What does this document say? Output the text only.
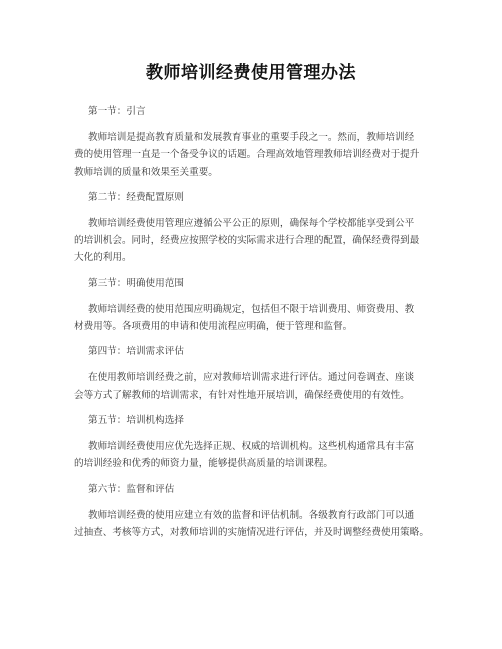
教师培训经费使用管理办法
第一节：引言
教师培训是提高教育质量和发展教育事业的重要手段之一。然而，教师培训经
费的使用管理一直是一个备受争议的话题。合理高效地管理教师培训经费对于提升
教师培训的质量和效果至关重要。
第二节：经费配置原则
教师培训经费使用管理应遵循公平公正的原则，确保每个学校都能享受到公平
的培训机会。同时，经费应按照学校的实际需求进行合理的配置，确保经费得到最
大化的利用。
第三节：明确使用范围
教师培训经费的使用范围应明确规定，包括但不限于培训费用、师资费用、教
材费用等。各项费用的申请和使用流程应明确，便于管理和监督。
第四节：培训需求评估
在使用教师培训经费之前，应对教师培训需求进行评估。通过问卷调查、座谈
会等方式了解教师的培训需求，有针对性地开展培训，确保经费使用的有效性。
第五节：培训机构选择
教师培训经费使用应优先选择正规、权威的培训机构。这些机构通常具有丰富
的培训经验和优秀的师资力量，能够提供高质量的培训课程。
第六节：监督和评估
教师培训经费的使用应建立有效的监督和评估机制。各级教育行政部门可以通
过抽查、考核等方式，对教师培训的实施情况进行评估，并及时调整经费使用策略。
